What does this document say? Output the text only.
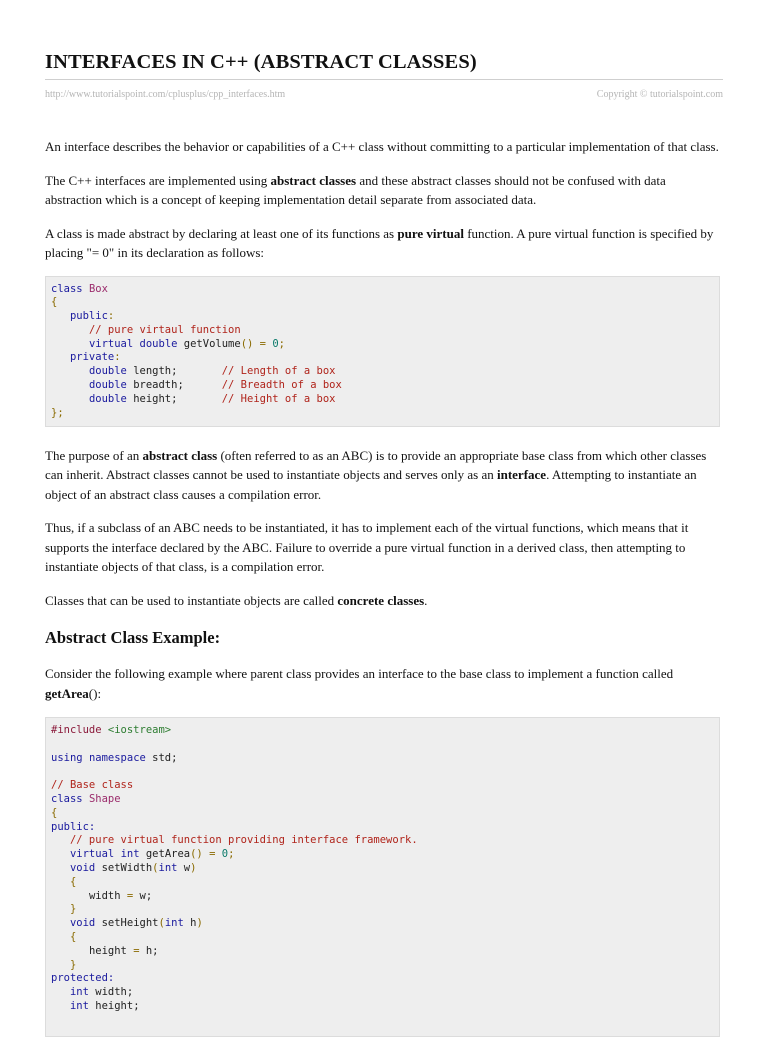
INTERFACES IN C++ (ABSTRACT CLASSES)
http://www.tutorialspoint.com/cplusplus/cpp_interfaces.htm	Copyright © tutorialspoint.com

An interface describes the behavior or capabilities of a C++ class without committing to a particular implementation of that class.

The C++ interfaces are implemented using abstract classes and these abstract classes should not be confused with data abstraction which is a concept of keeping implementation detail separate from associated data.

A class is made abstract by declaring at least one of its functions as pure virtual function. A pure virtual function is specified by placing "= 0" in its declaration as follows:

class Box
{
public:
// pure virtaul function
virtual double getVolume() = 0;
private:
double length;	// Length of a box
double breadth;	// Breadth of a box
double height;	// Height of a box
};

The purpose of an abstract class (often referred to as an ABC) is to provide an appropriate base class from which other classes can inherit. Abstract classes cannot be used to instantiate objects and serves only as an interface. Attempting to instantiate an object of an abstract class causes a compilation error.

Thus, if a subclass of an ABC needs to be instantiated, it has to implement each of the virtual functions, which means that it supports the interface declared by the ABC. Failure to override a pure virtual function in a derived class, then attempting to instantiate objects of that class, is a compilation error.

Classes that can be used to instantiate objects are called concrete classes.

Abstract Class Example:

Consider the following example where parent class provides an interface to the base class to implement a function called getArea():

#include <iostream>

using namespace std;

// Base class
class Shape
{
public:
// pure virtual function providing interface framework.
virtual int getArea() = 0;
void setWidth(int w)
{
width = w;
}
void setHeight(int h)
{
height = h;
}
protected:
int width;
int height;
